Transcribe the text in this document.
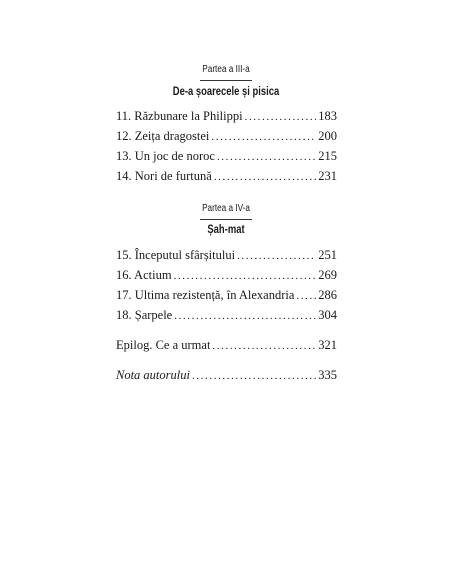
Partea a III-a
De-a șoarecele și pisica
11. Răzbunare la Philippi .....	183
12. Zeița dragostei .....	200
13. Un joc de noroc .....	215
14. Nori de furtună .....	231
Partea a IV-a
Șah-mat
15. Începutul sfârșitului .....	251
16. Actium .....	269
17. Ultima rezistență, în Alexandria ..... 286
18. Șarpele .....	304
Epilog. Ce a urmat .....	321
Nota autorului .....	335
